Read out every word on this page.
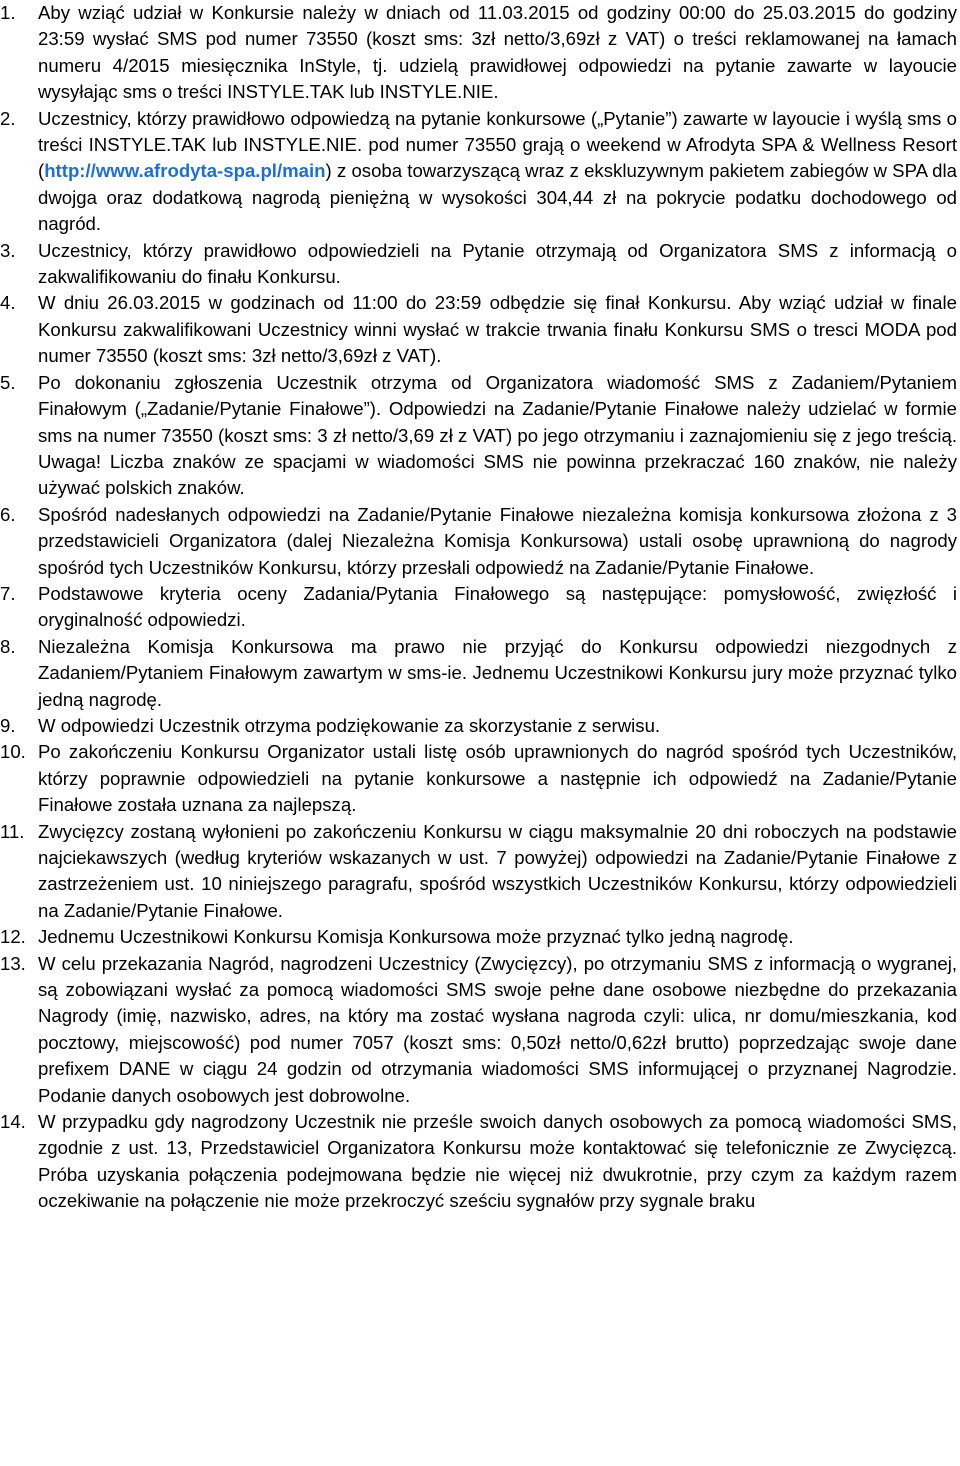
1.	Aby wziąć udział w Konkursie należy w dniach od 11.03.2015 od godziny 00:00 do 25.03.2015 do godziny 23:59 wysłać SMS pod numer 73550 (koszt sms: 3zł netto/3,69zł z VAT) o treści reklamowanej na łamach numeru 4/2015 miesięcznika InStyle, tj. udzielą prawidłowej odpowiedzi na pytanie zawarte w layoucie wysyłając sms o treści INSTYLE.TAK lub INSTYLE.NIE.
2.	Uczestnicy, którzy prawidłowo odpowiedzą na pytanie konkursowe („Pytanie”) zawarte w layoucie i wyślą sms o treści INSTYLE.TAK lub INSTYLE.NIE. pod numer 73550 grają o weekend w Afrodyta SPA & Wellness Resort (http://www.afrodyta-spa.pl/main) z osoba towarzyszącą wraz z ekskluzywnym pakietem zabiegów w SPA dla dwojga oraz dodatkową nagrodą pieniężną w wysokości 304,44 zł na pokrycie podatku dochodowego od nagród.
3.	Uczestnicy, którzy prawidłowo odpowiedzieli na Pytanie otrzymają od Organizatora SMS z informacją o zakwalifikowaniu do finału Konkursu.
4.	W dniu 26.03.2015 w godzinach od 11:00 do 23:59 odbędzie się finał Konkursu. Aby wziąć udział w finale Konkursu zakwalifikowani Uczestnicy winni wysłać w trakcie trwania finału Konkursu SMS o tresci MODA pod numer 73550 (koszt sms: 3zł netto/3,69zł z VAT).
5.	Po dokonaniu zgłoszenia Uczestnik otrzyma od Organizatora wiadomość SMS z Zadaniem/Pytaniem Finałowym („Zadanie/Pytanie Finałowe”). Odpowiedzi na Zadanie/Pytanie Finałowe należy udzielać w formie sms na numer 73550 (koszt sms: 3 zł netto/3,69 zł z VAT) po jego otrzymaniu i zaznajomieniu się z jego treścią. Uwaga! Liczba znaków ze spacjami w wiadomości SMS nie powinna przekraczać 160 znaków, nie należy używać polskich znaków.
6.	Spośród nadesłanych odpowiedzi na Zadanie/Pytanie Finałowe niezależna komisja konkursowa złożona z 3 przedstawicieli Organizatora (dalej Niezależna Komisja Konkursowa) ustali osobę uprawnioną do nagrody spośród tych Uczestników Konkursu, którzy przesłali odpowiedź na Zadanie/Pytanie Finałowe.
7.	Podstawowe kryteria oceny Zadania/Pytania Finałowego są następujące: pomysłowość, zwięzłość i oryginalność odpowiedzi.
8.	Niezależna Komisja Konkursowa ma prawo nie przyjąć do Konkursu odpowiedzi niezgodnych z Zadaniem/Pytaniem Finałowym zawartym w sms-ie. Jednemu Uczestnikowi Konkursu jury może przyznać tylko jedną nagrodę.
9.	W odpowiedzi Uczestnik otrzyma podziękowanie za skorzystanie z serwisu.
10. Po zakończeniu Konkursu Organizator ustali listę osób uprawnionych do nagród spośród tych Uczestników, którzy poprawnie odpowiedzieli na pytanie konkursowe a następnie ich odpowiedź na Zadanie/Pytanie Finałowe została uznana za najlepszą.
11. Zwycięzcy zostaną wyłonieni po zakończeniu Konkursu w ciągu maksymalnie 20 dni roboczych na podstawie najciekawszych (według kryteriów wskazanych w ust. 7 powyżej) odpowiedzi na Zadanie/Pytanie Finałowe z zastrzeżeniem ust. 10 niniejszego paragrafu, spośród wszystkich Uczestników Konkursu, którzy odpowiedzieli na Zadanie/Pytanie Finałowe.
12. Jednemu Uczestnikowi Konkursu Komisja Konkursowa może przyznać tylko jedną nagrodę.
13. W celu przekazania Nagród, nagrodzeni Uczestnicy (Zwycięzcy), po otrzymaniu SMS z informacją o wygranej, są zobowiązani wysłać za pomocą wiadomości SMS swoje pełne dane osobowe niezbędne do przekazania Nagrody (imię, nazwisko, adres, na który ma zostać wysłana nagroda czyli: ulica, nr domu/mieszkania, kod pocztowy, miejscowość) pod numer 7057 (koszt sms: 0,50zł netto/0,62zł brutto) poprzedzając swoje dane prefixem DANE w ciągu 24 godzin od otrzymania wiadomości SMS informującej o przyznanej Nagrodzie. Podanie danych osobowych jest dobrowolne.
14. W przypadku gdy nagrodzony Uczestnik nie prześle swoich danych osobowych za pomocą wiadomości SMS, zgodnie z ust. 13, Przedstawiciel Organizatora Konkursu może kontaktować się telefonicznie ze Zwycięzcą. Próba uzyskania połączenia podejmowana będzie nie więcej niż dwukrotnie, przy czym za każdym razem oczekiwanie na połączenie nie może przekroczyć sześciu sygnałów przy sygnale braku
